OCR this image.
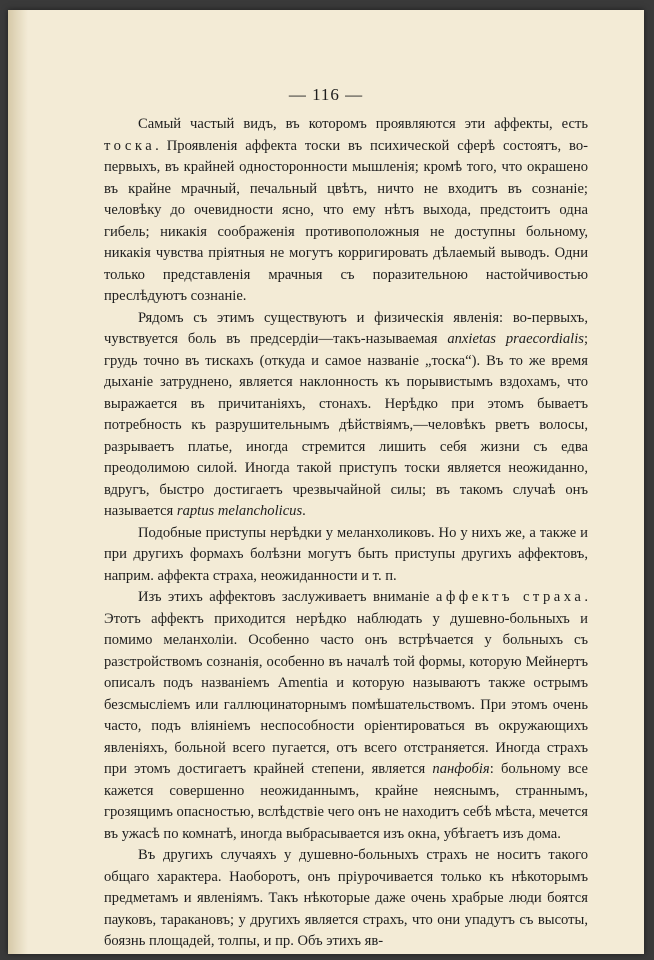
— 116 —

Самый частый видъ, въ которомъ проявляются эти аффекты, есть тоска. Проявленія аффекта тоски въ психической сферѣ состоятъ, во-первыхъ, въ крайней односторонности мышленія; кромѣ того, что окрашено въ крайне мрачный, печальный цвѣтъ, ничто не входитъ въ сознаніе; человѣку до очевидности ясно, что ему нѣтъ выхода, предстоитъ одна гибель; никакія соображенія противоположныя не доступны больному, никакія чувства пріятныя не могутъ корригировать дѣлаемый выводъ. Одни только представленія мрачныя съ поразительною настойчивостью преслѣдуютъ сознаніе.

Рядомъ съ этимъ существуютъ и физическія явленія: во-первыхъ, чувствуется боль въ предсердіи—такъ-называемая anxietas praecordialis; грудь точно въ тискахъ (откуда и самое названіе „тоска“). Въ то же время дыханіе затруднено, является наклонность къ порывистымъ вздохамъ, что выражается въ причитаніяхъ, стонахъ. Нерѣдко при этомъ бываетъ потребность къ разрушительнымъ дѣйствіямъ,—человѣкъ рветъ волосы, разрываетъ платье, иногда стремится лишить себя жизни съ едва преодолимою силой. Иногда такой приступъ тоски является неожиданно, вдругъ, быстро достигаетъ чрезвычайной силы; въ такомъ случаѣ онъ называется raptus melancholicus.

Подобные приступы нерѣдки у меланхоликовъ. Но у нихъ же, а также и при другихъ формахъ болѣзни могутъ быть приступы другихъ аффектовъ, наприм. аффекта страха, неожиданности и т. п.

Изъ этихъ аффектовъ заслуживаетъ вниманіе аффектъ страха. Этотъ аффектъ приходится нерѣдко наблюдать у душевно-больныхъ и помимо меланхоліи. Особенно часто онъ встрѣчается у больныхъ съ разстройствомъ сознанія, особенно въ началѣ той формы, которую Мейнертъ описалъ подъ названіемъ Amentia и которую называютъ также острымъ безсмысліемъ или галлюцинаторнымъ помѣшательствомъ. При этомъ очень часто, подъ вліяніемъ неспособности оріентироваться въ окружающихъ явленіяхъ, больной всего пугается, отъ всего отстраняется. Иногда страхъ при этомъ достигаетъ крайней степени, является панфобія: больному все кажется совершенно неожиданнымъ, крайне неяснымъ, страннымъ, грозящимъ опасностью, вслѣдствіе чего онъ не находитъ себѣ мѣста, мечется въ ужасѣ по комнатѣ, иногда выбрасывается изъ окна, убѣгаетъ изъ дома.

Въ другихъ случаяхъ у душевно-больныхъ страхъ не носитъ такого общаго характера. Наоборотъ, онъ пріурочивается только къ нѣкоторымъ предметамъ и явленіямъ. Такъ нѣкоторые даже очень храбрые люди боятся пауковъ, таракановъ; у другихъ является страхъ, что они упадутъ съ высоты, боязнь площадей, толпы, и пр. Объ этихъ яв-
